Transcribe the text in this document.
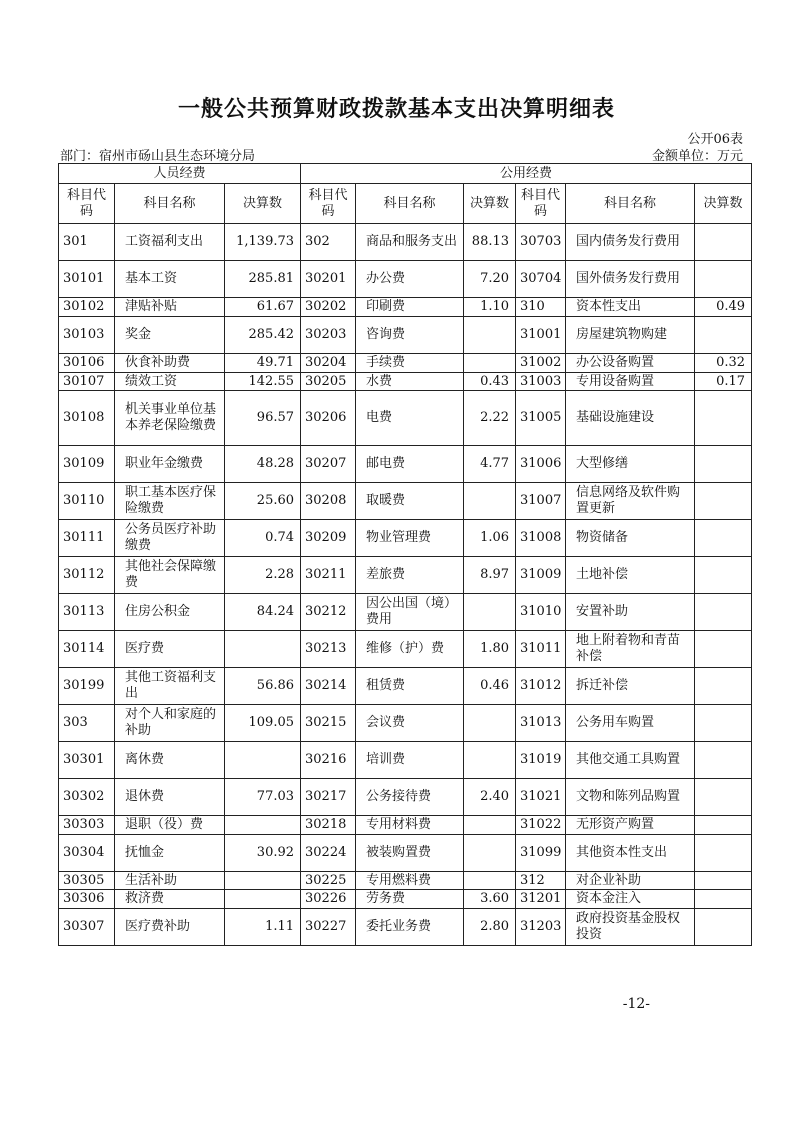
一般公共预算财政拨款基本支出决算明细表
公开06表
部门：宿州市砀山县生态环境分局	金额单位：万元
人员经费			公用经费					
科目代码	科目名称	决算数	科目代码	科目名称	决算数	科目代码	科目名称	决算数
301	工资福利支出	1,139.73	302	商品和服务支出	88.13	30703	国内债务发行费用	
30101	基本工资	285.81	30201	办公费	7.20	30704	国外债务发行费用	
30102	津贴补贴	61.67	30202	印刷费	1.10	310	资本性支出	0.49
30103	奖金	285.42	30203	咨询费		31001	房屋建筑物购建	
30106	伙食补助费	49.71	30204	手续费		31002	办公设备购置	0.32
30107	绩效工资	142.55	30205	水费	0.43	31003	专用设备购置	0.17
30108	机关事业单位基本养老保险缴费	96.57	30206	电费	2.22	31005	基础设施建设	
30109	职业年金缴费	48.28	30207	邮电费	4.77	31006	大型修缮	
30110	职工基本医疗保险缴费	25.60	30208	取暖费		31007	信息网络及软件购置更新	
30111	公务员医疗补助缴费	0.74	30209	物业管理费	1.06	31008	物资储备	
30112	其他社会保障缴费	2.28	30211	差旅费	8.97	31009	土地补偿	
30113	住房公积金	84.24	30212	因公出国（境）费用		31010	安置补助	
30114	医疗费		30213	维修（护）费	1.80	31011	地上附着物和青苗补偿	
30199	其他工资福利支出	56.86	30214	租赁费	0.46	31012	拆迁补偿	
303	对个人和家庭的补助	109.05	30215	会议费		31013	公务用车购置	
30301	离休费		30216	培训费		31019	其他交通工具购置	
30302	退休费	77.03	30217	公务接待费	2.40	31021	文物和陈列品购置	
30303	退职（役）费		30218	专用材料费		31022	无形资产购置	
30304	抚恤金	30.92	30224	被装购置费		31099	其他资本性支出	
30305	生活补助		30225	专用燃料费		312	对企业补助	
30306	救济费		30226	劳务费	3.60	31201	资本金注入	
30307	医疗费补助	1.11	30227	委托业务费	2.80	31203	政府投资基金股权投资	
-12-
